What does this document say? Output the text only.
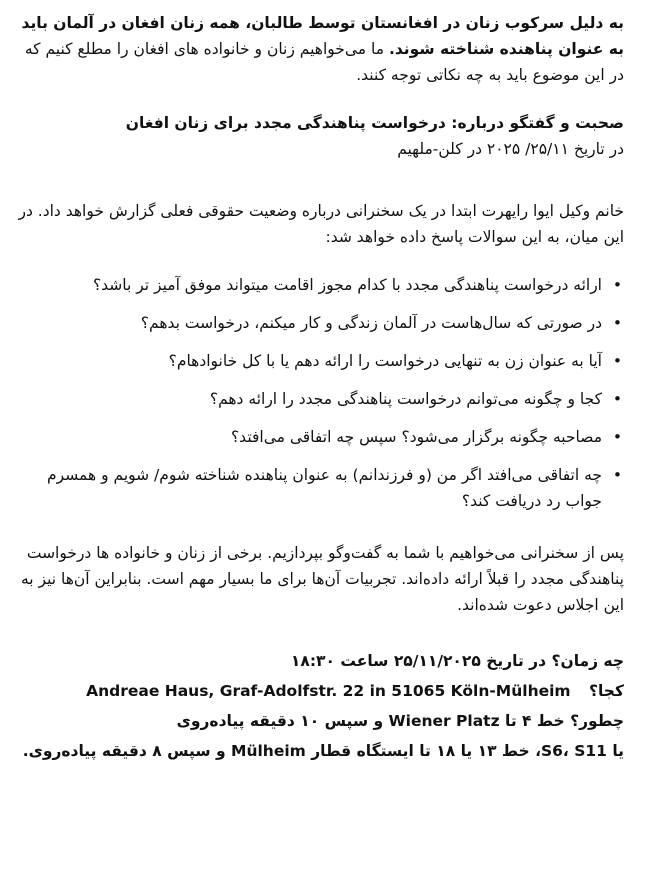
به دلیل سرکوب زنان در افغانستان توسط طالبان، همه زنان افغان در آلمان باید به عنوان پناهنده شناخته شوند. ما می‌خواهیم زنان و خانواده های افغان را مطلع کنیم که در این موضوع باید به چه نکاتی توجه کنند.

صحبت و گفتگو درباره: درخواست پناهندگی مجدد برای زنان افغان

در تاریخ ۲۵/۱۱/ ۲۰۲۵ در کلن-ملهیم

خانم وکیل ایوا رایهرت ابتدا در یک سخنرانی درباره وضعیت حقوقی فعلی گزارش خواهد داد. در این میان، به این سوالات پاسخ داده خواهد شد:

• ارائه درخواست پناهندگی مجدد با کدام مجوز اقامت میتواند موفق آمیز تر باشد؟
• در صورتی که سال‌هاست در آلمان زندگی و کار میکنم، درخواست بدهم؟
• آیا به عنوان زن به تنهایی درخواست را ارائه دهم یا با کل خانوادهام؟
• کجا و چگونه می‌توانم درخواست پناهندگی مجدد را ارائه دهم؟
• مصاحبه چگونه برگزار می‌شود؟ سپس چه اتفاقی می‌افتد؟
• چه اتفاقی می‌افتد اگر من (و فرزندانم) به عنوان پناهنده شناخته شوم/ شویم و همسرم جواب رد دریافت کند؟

پس از سخنرانی می‌خواهیم با شما به گفت‌وگو بپردازیم. برخی از زنان و خانواده ها درخواست پناهندگی مجدد را قبلاً ارائه داده‌اند. تجربیات آن‌ها برای ما بسیار مهم است. بنابراین آن‌ها نیز به این اجلاس دعوت شده‌اند.

چه زمان؟ در تاریخ ۲۵/۱۱/۲۰۲۵ ساعت ۱۸:۳۰

کجا؟ Andreae Haus, Graf-Adolfstr. 22 in 51065 Köln-Mülheim

چطور؟ خط ۴ تا Wiener Platz و سپس ۱۰ دقیقه پیاده‌روی

یا S6، S11، خط ۱۳ یا ۱۸ تا ایستگاه قطار Mülheim و سپس ۸ دقیقه پیاده‌روی.
